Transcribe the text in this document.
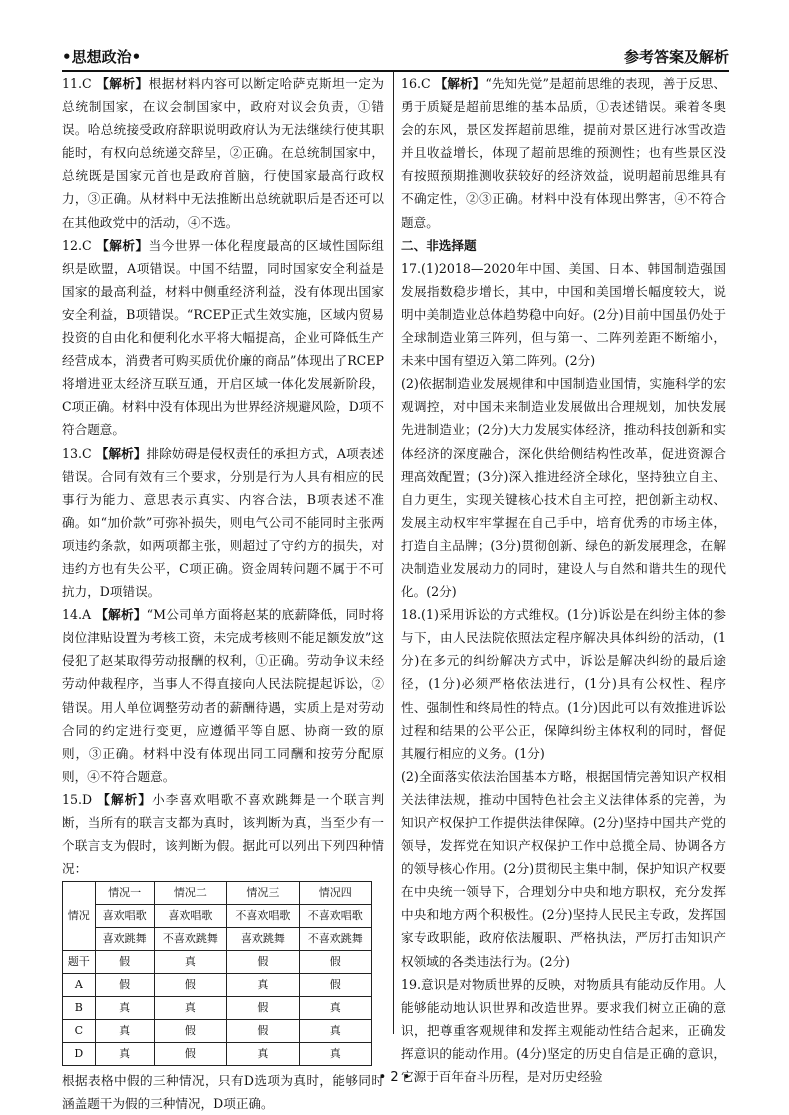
•思想政治•	参考答案及解析

11.C 【解析】根据材料内容可以断定哈萨克斯坦一定为总统制国家，在议会制国家中，政府对议会负责，①错误。哈总统接受政府辞职说明政府认为无法继续行使其职能时，有权向总统递交辞呈，②正确。在总统制国家中，总统既是国家元首也是政府首脑，行使国家最高行政权力，③正确。从材料中无法推断出总统就职后是否还可以在其他政党中的活动，④不选。

12.C 【解析】当今世界一体化程度最高的区域性国际组织是欧盟，A项错误。中国不结盟，同时国家安全利益是国家的最高利益，材料中侧重经济利益，没有体现出国家安全利益，B项错误。“RCEP正式生效实施，区域内贸易投资的自由化和便利化水平将大幅提高，企业可降低生产经营成本，消费者可购买质优价廉的商品”体现出了RCEP将增进亚太经济互联互通，开启区域一体化发展新阶段，C项正确。材料中没有体现出为世界经济规避风险，D项不符合题意。

13.C 【解析】排除妨碍是侵权责任的承担方式，A项表述错误。合同有效有三个要求，分别是行为人具有相应的民事行为能力、意思表示真实、内容合法，B项表述不准确。如“加价款”可弥补损失，则电气公司不能同时主张两项违约条款，如两项都主张，则超过了守约方的损失，对违约方也有失公平，C项正确。资金周转问题不属于不可抗力，D项错误。

14.A 【解析】“M公司单方面将赵某的底薪降低，同时将岗位津贴设置为考核工资，未完成考核则不能足额发放”这侵犯了赵某取得劳动报酬的权利，①正确。劳动争议未经劳动仲裁程序，当事人不得直接向人民法院提起诉讼，②错误。用人单位调整劳动者的薪酬待遇，实质上是对劳动合同的约定进行变更，应遵循平等自愿、协商一致的原则，③正确。材料中没有体现出同工同酬和按劳分配原则，④不符合题意。

15.D 【解析】小李喜欢唱歌不喜欢跳舞是一个联言判断，当所有的联言支都为真时，该判断为真，当至少有一个联言支为假时，该判断为假。据此可以列出下列四种情况：

情况	情况一	情况二	情况三	情况四
	喜欢唱歌	喜欢唱歌	不喜欢唱歌	不喜欢唱歌
	喜欢跳舞	不喜欢跳舞	喜欢跳舞	不喜欢跳舞
题干	假	真	假	假
A	假	假	真	假
B	真	真	假	真
C	真	假	假	真
D	真	假	真	真

根据表格中假的三种情况，只有D选项为真时，能够同时涵盖题干为假的三种情况，D项正确。

16.C 【解析】“先知先觉”是超前思维的表现，善于反思、勇于质疑是超前思维的基本品质，①表述错误。乘着冬奥会的东风，景区发挥超前思维，提前对景区进行冰雪改造并且收益增长，体现了超前思维的预测性；也有些景区没有按照预期推测收获较好的经济效益，说明超前思维具有不确定性，②③正确。材料中没有体现出弊害，④不符合题意。

二、非选择题

17.(1)2018—2020年中国、美国、日本、韩国制造强国发展指数稳步增长，其中，中国和美国增长幅度较大，说明中美制造业总体趋势稳中向好。(2分)目前中国虽仍处于全球制造业第三阵列，但与第一、二阵列差距不断缩小，未来中国有望迈入第二阵列。(2分)

(2)依据制造业发展规律和中国制造业国情，实施科学的宏观调控，对中国未来制造业发展做出合理规划，加快发展先进制造业；(2分)大力发展实体经济，推动科技创新和实体经济的深度融合，深化供给侧结构性改革，促进资源合理高效配置；(3分)深入推进经济全球化，坚持独立自主、自力更生，实现关键核心技术自主可控，把创新主动权、发展主动权牢牢掌握在自己手中，培育优秀的市场主体，打造自主品牌；(3分)贯彻创新、绿色的新发展理念，在解决制造业发展动力的同时，建设人与自然和谐共生的现代化。(2分)

18.(1)采用诉讼的方式维权。(1分)诉讼是在纠纷主体的参与下，由人民法院依照法定程序解决具体纠纷的活动，(1分)在多元的纠纷解决方式中，诉讼是解决纠纷的最后途径，(1分)必须严格依法进行，(1分)具有公权性、程序性、强制性和终局性的特点。(1分)因此可以有效推进诉讼过程和结果的公平公正，保障纠纷主体权利的同时，督促其履行相应的义务。(1分)

(2)全面落实依法治国基本方略，根据国情完善知识产权相关法律法规，推动中国特色社会主义法律体系的完善，为知识产权保护工作提供法律保障。(2分)坚持中国共产党的领导，发挥党在知识产权保护工作中总揽全局、协调各方的领导核心作用。(2分)贯彻民主集中制，保护知识产权要在中央统一领导下，合理划分中央和地方职权，充分发挥中央和地方两个积极性。(2分)坚持人民民主专政，发挥国家专政职能，政府依法履职、严格执法，严厉打击知识产权领域的各类违法行为。(2分)

19.意识是对物质世界的反映，对物质具有能动反作用。人能够能动地认识世界和改造世界。要求我们树立正确的意识，把尊重客观规律和发挥主观能动性结合起来，正确发挥意识的能动作用。(4分)坚定的历史自信是正确的意识，它源于百年奋斗历程，是对历史经验

• 2 •
